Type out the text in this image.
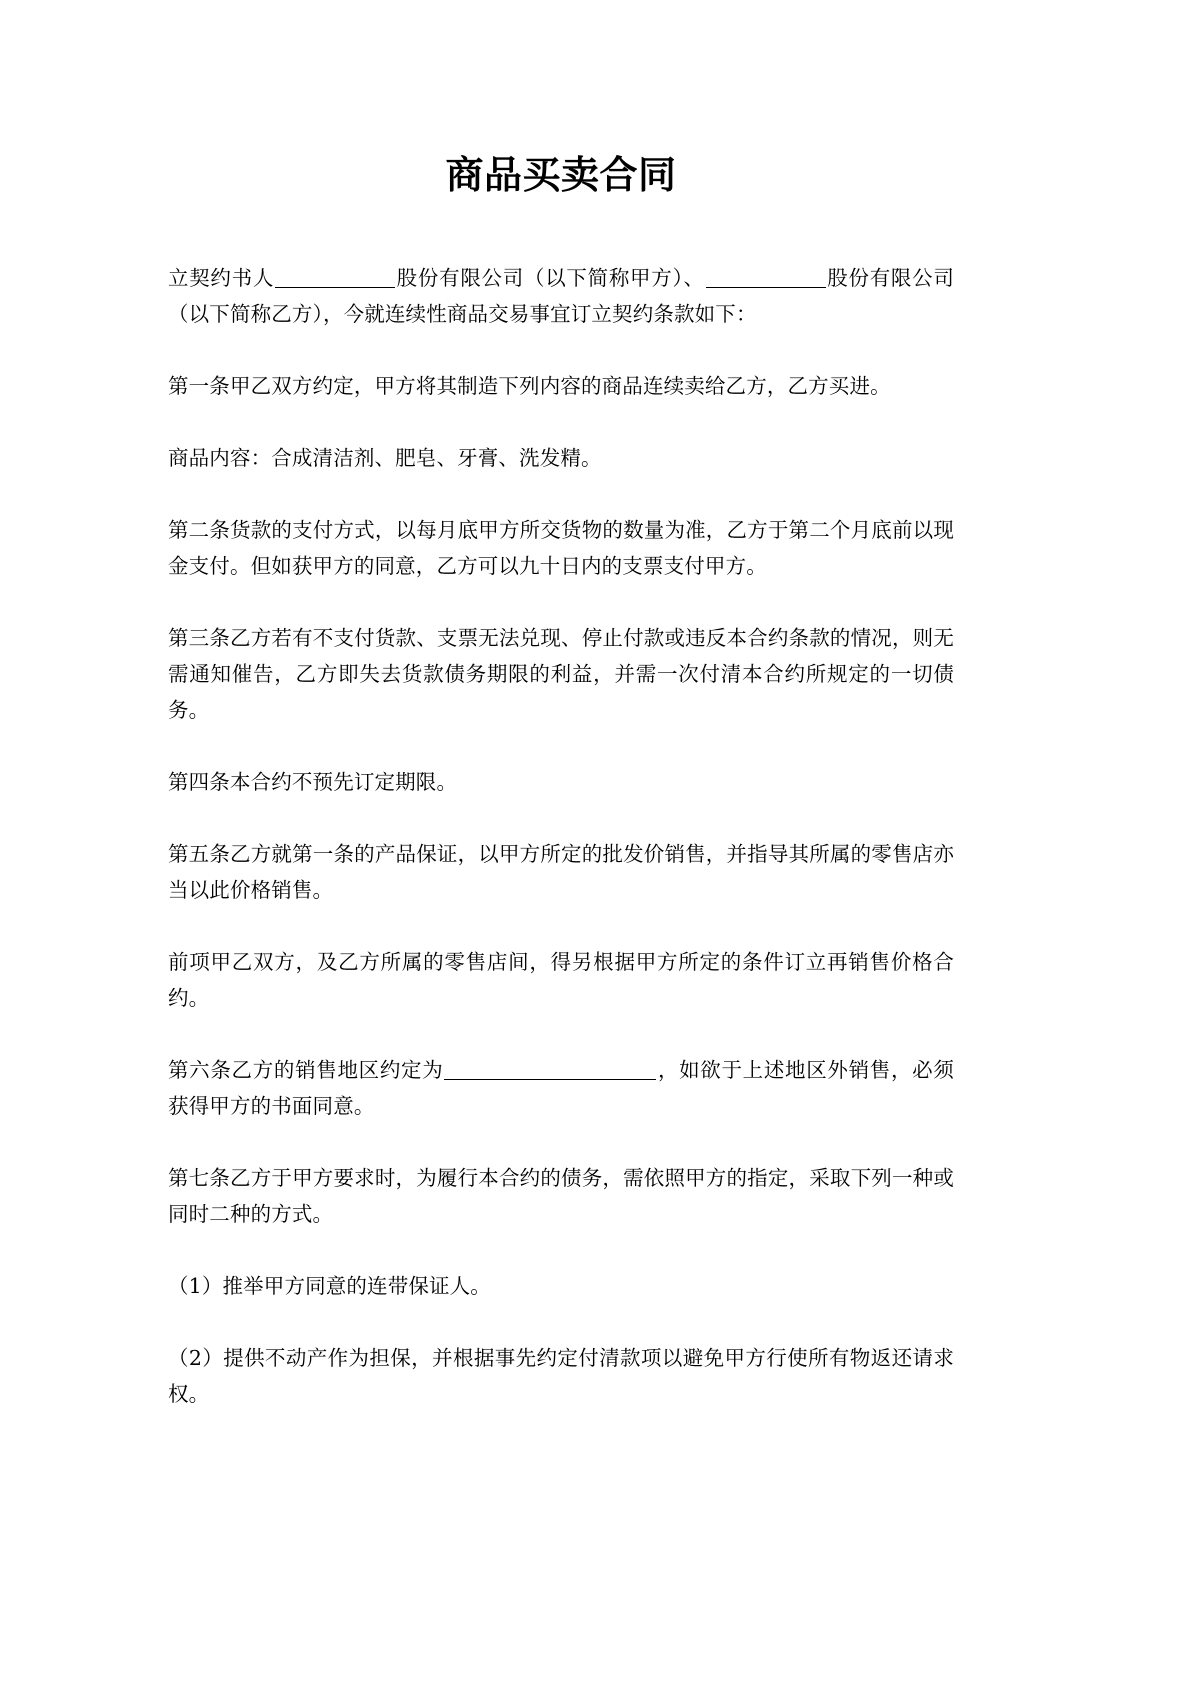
商品买卖合同

立契约书人	股份有限公司（以下简称甲方）、	股份有限公司（以下简称乙方），今就连续性商品交易事宜订立契约条款如下：

第一条甲乙双方约定，甲方将其制造下列内容的商品连续卖给乙方，乙方买进。

商品内容：合成清洁剂、肥皂、牙膏、洗发精。

第二条货款的支付方式，以每月底甲方所交货物的数量为准，乙方于第二个月底前以现金支付。但如获甲方的同意，乙方可以九十日内的支票支付甲方。

第三条乙方若有不支付货款、支票无法兑现、停止付款或违反本合约条款的情况，则无需通知催告，乙方即失去货款债务期限的利益，并需一次付清本合约所规定的一切债务。

第四条本合约不预先订定期限。

第五条乙方就第一条的产品保证，以甲方所定的批发价销售，并指导其所属的零售店亦当以此价格销售。

前项甲乙双方，及乙方所属的零售店间，得另根据甲方所定的条件订立再销售价格合约。

第六条乙方的销售地区约定为	，如欲于上述地区外销售，必须获得甲方的书面同意。

第七条乙方于甲方要求时，为履行本合约的债务，需依照甲方的指定，采取下列一种或同时二种的方式。

（1）推举甲方同意的连带保证人。

（2）提供不动产作为担保，并根据事先约定付清款项以避免甲方行使所有物返还请求权。
